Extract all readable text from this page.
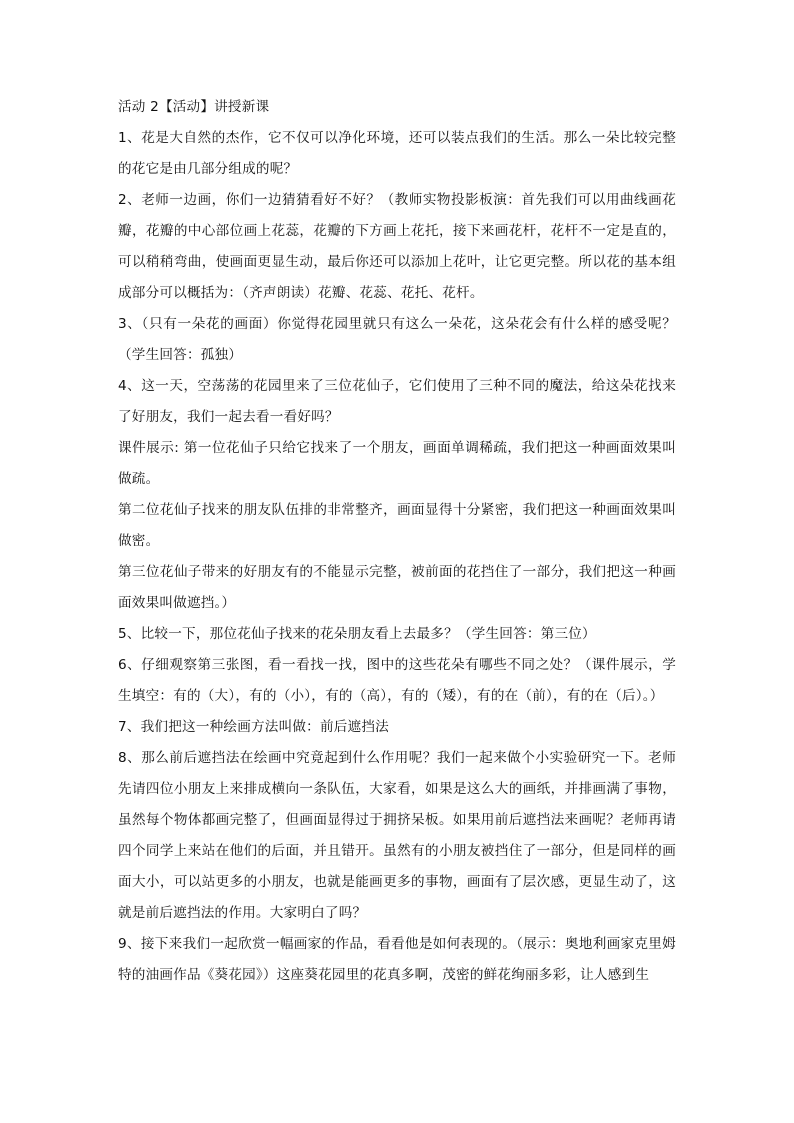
活动 2【活动】讲授新课

1、花是大自然的杰作，它不仅可以净化环境，还可以装点我们的生活。那么一朵比较完整的花它是由几部分组成的呢？

2、老师一边画，你们一边猜猜看好不好？（教师实物投影板演：首先我们可以用曲线画花瓣，花瓣的中心部位画上花蕊，花瓣的下方画上花托，接下来画花杆，花杆不一定是直的，可以稍稍弯曲，使画面更显生动，最后你还可以添加上花叶，让它更完整。所以花的基本组成部分可以概括为：（齐声朗读）花瓣、花蕊、花托、花杆。

3、（只有一朵花的画面）你觉得花园里就只有这么一朵花，这朵花会有什么样的感受呢？（学生回答：孤独）

4、这一天，空荡荡的花园里来了三位花仙子，它们使用了三种不同的魔法，给这朵花找来了好朋友，我们一起去看一看好吗？

课件展示: 第一位花仙子只给它找来了一个朋友，画面单调稀疏，我们把这一种画面效果叫做疏。

第二位花仙子找来的朋友队伍排的非常整齐，画面显得十分紧密，我们把这一种画面效果叫做密。

第三位花仙子带来的好朋友有的不能显示完整，被前面的花挡住了一部分，我们把这一种画面效果叫做遮挡。）

5、比较一下，那位花仙子找来的花朵朋友看上去最多？（学生回答：第三位）

6、仔细观察第三张图，看一看找一找，图中的这些花朵有哪些不同之处？（课件展示，学生填空：有的（大），有的（小），有的（高），有的（矮），有的在（前），有的在（后）。）

7、我们把这一种绘画方法叫做：前后遮挡法

8、那么前后遮挡法在绘画中究竟起到什么作用呢？我们一起来做个小实验研究一下。老师先请四位小朋友上来排成横向一条队伍，大家看，如果是这么大的画纸，并排画满了事物，虽然每个物体都画完整了，但画面显得过于拥挤呆板。如果用前后遮挡法来画呢？老师再请四个同学上来站在他们的后面，并且错开。虽然有的小朋友被挡住了一部分，但是同样的画面大小，可以站更多的小朋友，也就是能画更多的事物，画面有了层次感，更显生动了，这就是前后遮挡法的作用。大家明白了吗？

9、接下来我们一起欣赏一幅画家的作品，看看他是如何表现的。（展示：奥地利画家克里姆特的油画作品《葵花园》）这座葵花园里的花真多啊，茂密的鲜花绚丽多彩，让人感到生
